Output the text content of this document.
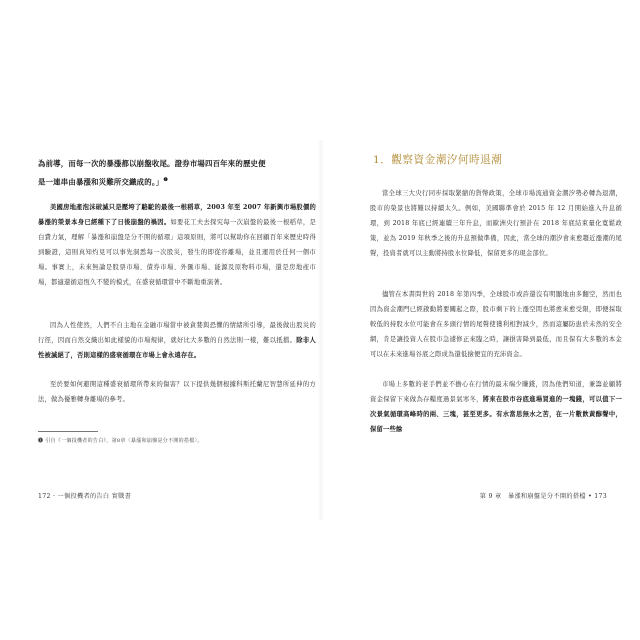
為前導，而每一次的暴漲都以崩盤收尾。證券市場四百年來的歷史便
是一連串由暴漲和災難所交織成的。」$^❶$

美國房地產泡沫破滅只是壓垮了駱駝的最後一根稻草，2003 年至 2007 年新興市場股價的暴漲的榮景本身已經種下了日後崩盤的禍因。如要花工夫去探究每一次崩盤的最後一根稻草，是白費力氣，理解「暴漲和崩盤是分不開的循環」這項原則，將可以幫助你在回顧百年來歷史時得到驗證，這則真知灼見可以事先洞悉每一次股災，發生的即從容離場，並且運用於任何一個市場。事實上，未來無論是股票市場、債券市場、外匯市場、能源及原物料市場，還是房地產市場，都適還循這恆久不變的模式，在盛衰循環當中不斷地重演著。

因為人性使然，人們不自主地在金融市場當中被貪婪與恐懼的情緒所引導，最後做出股災的行徑，因而自然交織出如此樣貌的市場規律，就好比大多數的自然法則一樣，難以抵擋。除非人性被滅絕了，否則這樣的盛衰循環在市場上會永遠存在。

至於要如何避開這種盛衰循環所帶來的傷害？以下提供幾個根據科斯托蘭尼智慧所延伸的方法，做為優雅轉身離場的參考。

❶ 引自《一個投機者的告白》，第8章〈暴漲和崩盤是分不開的搭檔〉。
172 · 一個投機者的告白 實戰書
1．觀察資金潮汐何時退潮

當全球三大央行同步採取緊縮的貨幣政策，全球市場流通資金潮汐勢必轉為退潮，股市的榮景也將難以持續太久。例如，美國聯準會於 2015 年 12 月開始進入升息循環，到 2018 年底已經連續三年升息，而歐洲央行預計在 2018 年底結束量化寬鬆政策，並為 2019 年秋季之後的升息預做準備，因此，當全球的潮汐會來愈趨近漲潮的尾聲，投資者就可以主動將持股水位降低，保留更多的現金部位。

儘管在本書問世的 2018 年第四季，全球股市或許還沒有明顯地由多翻空，然而也因為資金潮門已經啟動將要關起之際，股市剩下的上漲空間也將愈來愈受限，即便採取較低的持股水位可能會在多頭行情的尾聲使獲利相對減少，然而這屬防患於未然的安全網，肯是讓投資人在股市急遽修正來臨之時，讓損害降到最低，而且保有大多數的本金可以在未來進場谷底之際成為還低撿便宜的充沛資金。

市場上多數的老手們並不擔心在行情的最末端少賺錢，因為他們知道，兼籌並顧將資金保留下來做為存糧度過景氣寒冬，將來在股市谷底進場買進的一塊錢，可以值下一次景氣循環高峰時的兩、三塊，甚至更多。有水當思無水之苦，在一片數飲黃醇聲中，保留一些餘

第 9 章　暴漲和崩盤是分不開的搭檔 • 173
